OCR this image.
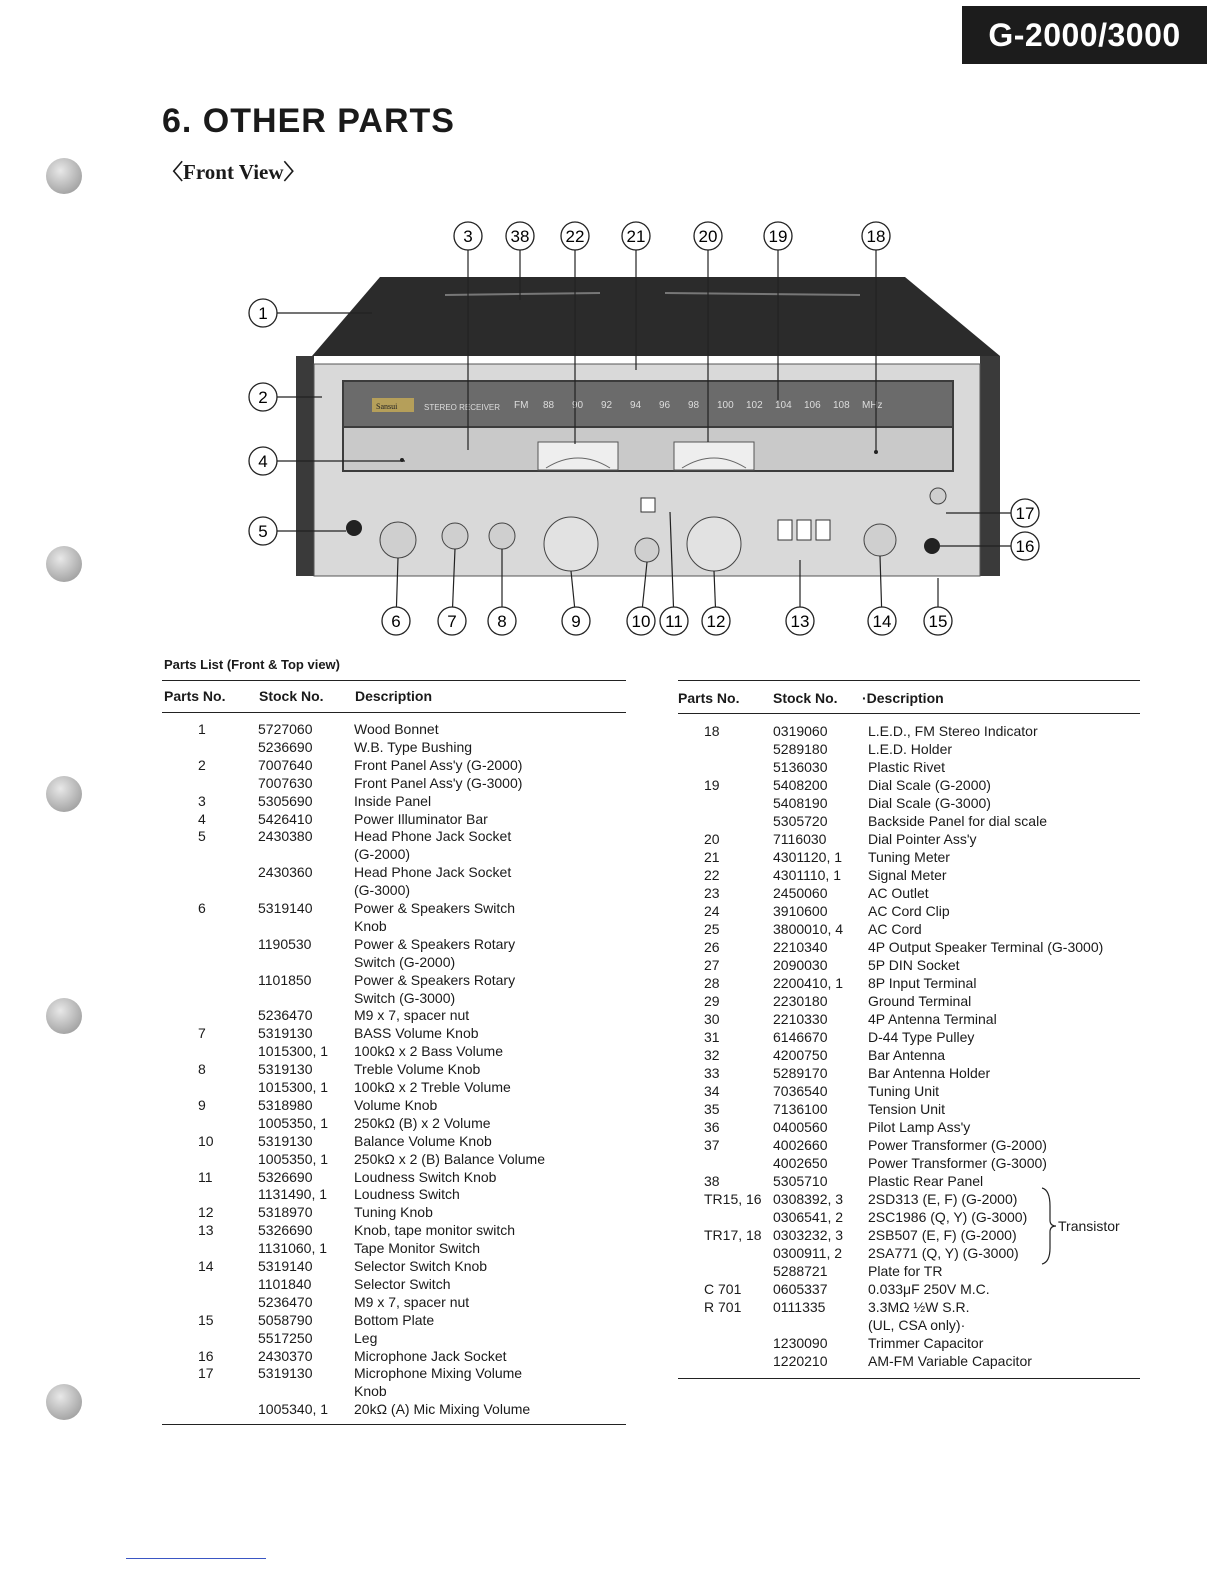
G-2000/3000
6. OTHER PARTS
〈Front View〉
Sansui	STEREO RECEIVER FM 88 90 92 94 96 98 100 102 104 106 108 MHz
3 38 22 21	20	19	18
1
2
4
5
17
16
6	7 8	9	10 11 12	13	14 15
Parts List (Front & Top view)
Parts No. Stock No. Description
1	5727060	Wood Bonnet
5236690	W.B. Type Bushing
2	7007640	Front Panel Ass'y (G-2000)
7007630	Front Panel Ass'y (G-3000)
3	5305690	Inside Panel
4	5426410	Power Illuminator Bar
5	2430380	Head Phone Jack Socket
(G-2000)
2430360	Head Phone Jack Socket
(G-3000)
6	5319140	Power & Speakers Switch
Knob
1190530	Power & Speakers Rotary
Switch (G-2000)
1101850	Power & Speakers Rotary
Switch (G-3000)
5236470	M9 x 7, spacer nut
7	5319130	BASS Volume Knob
1015300, 1 100kΩ x 2 Bass Volume
8	5319130	Treble Volume Knob
1015300, 1 100kΩ x 2 Treble Volume
9	5318980	Volume Knob
1005350, 1 250kΩ (B) x 2 Volume
10	5319130	Balance Volume Knob
1005350, 1 250kΩ x 2 (B) Balance Volume
11	5326690	Loudness Switch Knob
1131490, 1 Loudness Switch
12	5318970	Tuning Knob
13	5326690	Knob, tape monitor switch
1131060, 1 Tape Monitor Switch
14	5319140	Selector Switch Knob
1101840	Selector Switch
5236470	M9 x 7, spacer nut
15	5058790	Bottom Plate
5517250	Leg
16	2430370	Microphone Jack Socket
17	5319130	Microphone Mixing Volume
Knob
1005340, 1 20kΩ (A) Mic Mixing Volume
Parts No. Stock No. ·Description
18	0319060	L.E.D., FM Stereo Indicator
5289180	L.E.D. Holder
5136030	Plastic Rivet
19	5408200	Dial Scale (G-2000)
5408190	Dial Scale (G-3000)
5305720	Backside Panel for dial scale
20	7116030	Dial Pointer Ass'y
21	4301120, 1 Tuning Meter
22	4301110, 1 Signal Meter
23	2450060	AC Outlet
24	3910600	AC Cord Clip
25	3800010, 4 AC Cord
26	2210340	4P Output Speaker Terminal (G-3000)
27	2090030	5P DIN Socket
28	2200410, 1 8P Input Terminal
29	2230180	Ground Terminal
30	2210330	4P Antenna Terminal
31	6146670	D-44 Type Pulley
32	4200750	Bar Antenna
33	5289170	Bar Antenna Holder
34	7036540	Tuning Unit
35	7136100	Tension Unit
36	0400560	Pilot Lamp Ass'y
37	4002660	Power Transformer (G-2000)
4002650	Power Transformer (G-3000)
38	5305710	Plastic Rear Panel
TR15, 16 0308392, 3 2SD313 (E, F) (G-2000)
0306541, 2 2SC1986 (Q, Y) (G-3000)
TR17, 18 0303232, 3 2SB507 (E, F) (G-2000)
0300911, 2 2SA771 (Q, Y) (G-3000)
5288721	Plate for TR
C 701 0605337	0.033μF 250V M.C.
R 701 0111335	3.3MΩ ½W S.R.
(UL, CSA only)·
1230090	Trimmer Capacitor
1220210	AM-FM Variable Capacitor
Transistor
